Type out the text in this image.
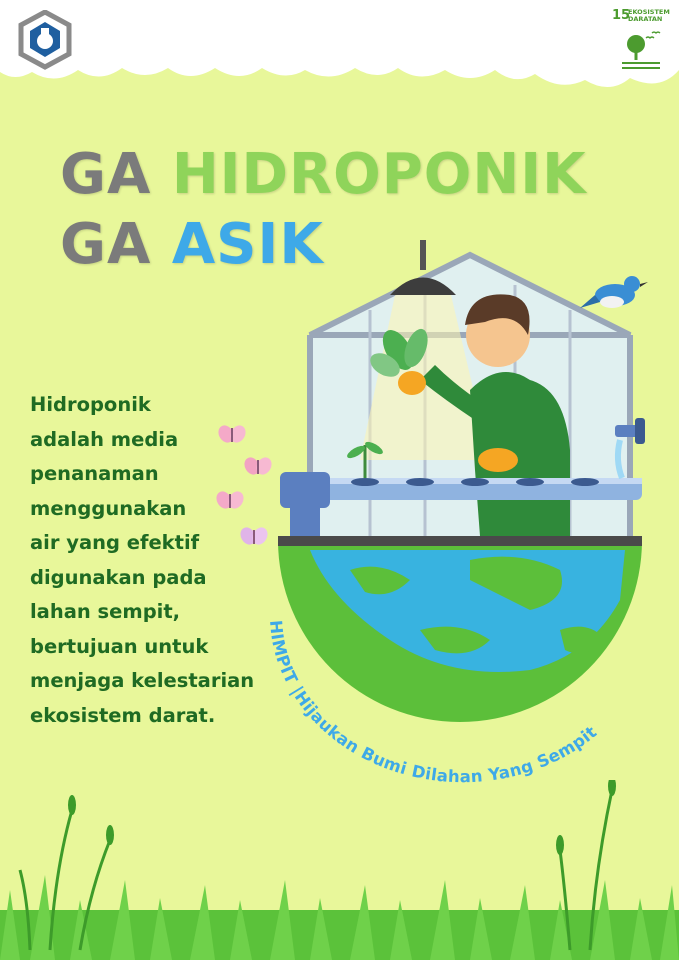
15
EKOSISTEM
DARATAN
GA HIDROPONIK
GA ASIK
Hidroponik
adalah media
penanaman
menggunakan
air yang efektif
digunakan pada
lahan sempit,
bertujuan untuk
menjaga kelestarian
ekosistem darat.
HIMPIT |Hijaukan Bumi Dilahan Yang Sempit
